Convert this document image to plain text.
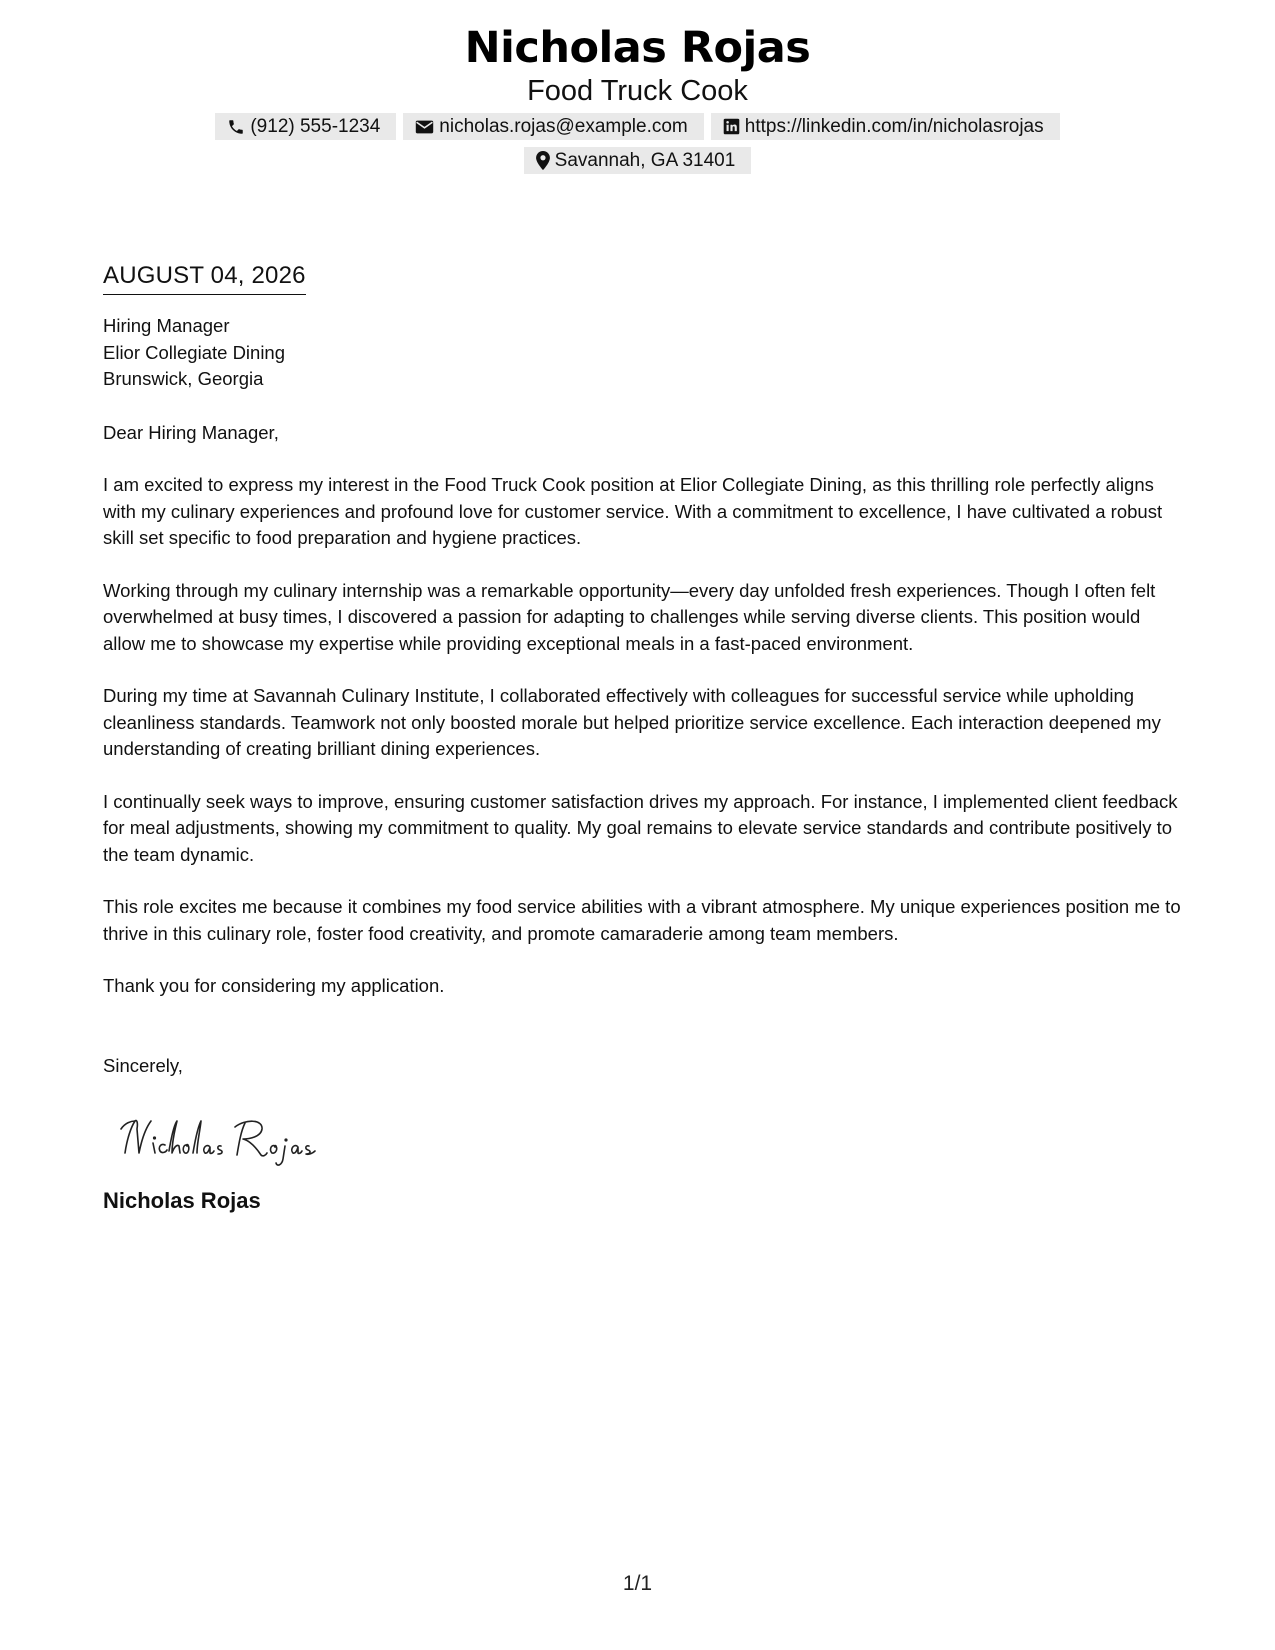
Nicholas Rojas
Food Truck Cook
(912) 555-1234	nicholas.rojas@example.com	https://linkedin.com/in/nicholasrojas
Savannah, GA 31401
AUGUST 04, 2026
Hiring Manager
Elior Collegiate Dining
Brunswick, Georgia

Dear Hiring Manager,

I am excited to express my interest in the Food Truck Cook position at Elior Collegiate Dining, as this thrilling role perfectly aligns with my culinary experiences and profound love for customer service. With a commitment to excellence, I have cultivated a robust skill set specific to food preparation and hygiene practices.

Working through my culinary internship was a remarkable opportunity—every day unfolded fresh experiences. Though I often felt overwhelmed at busy times, I discovered a passion for adapting to challenges while serving diverse clients. This position would allow me to showcase my expertise while providing exceptional meals in a fast-paced environment.

During my time at Savannah Culinary Institute, I collaborated effectively with colleagues for successful service while upholding cleanliness standards. Teamwork not only boosted morale but helped prioritize service excellence. Each interaction deepened my understanding of creating brilliant dining experiences.

I continually seek ways to improve, ensuring customer satisfaction drives my approach. For instance, I implemented client feedback for meal adjustments, showing my commitment to quality. My goal remains to elevate service standards and contribute positively to the team dynamic.

This role excites me because it combines my food service abilities with a vibrant atmosphere. My unique experiences position me to thrive in this culinary role, foster food creativity, and promote camaraderie among team members.

Thank you for considering my application.

Sincerely,

Nicholas Rojas
1/1
